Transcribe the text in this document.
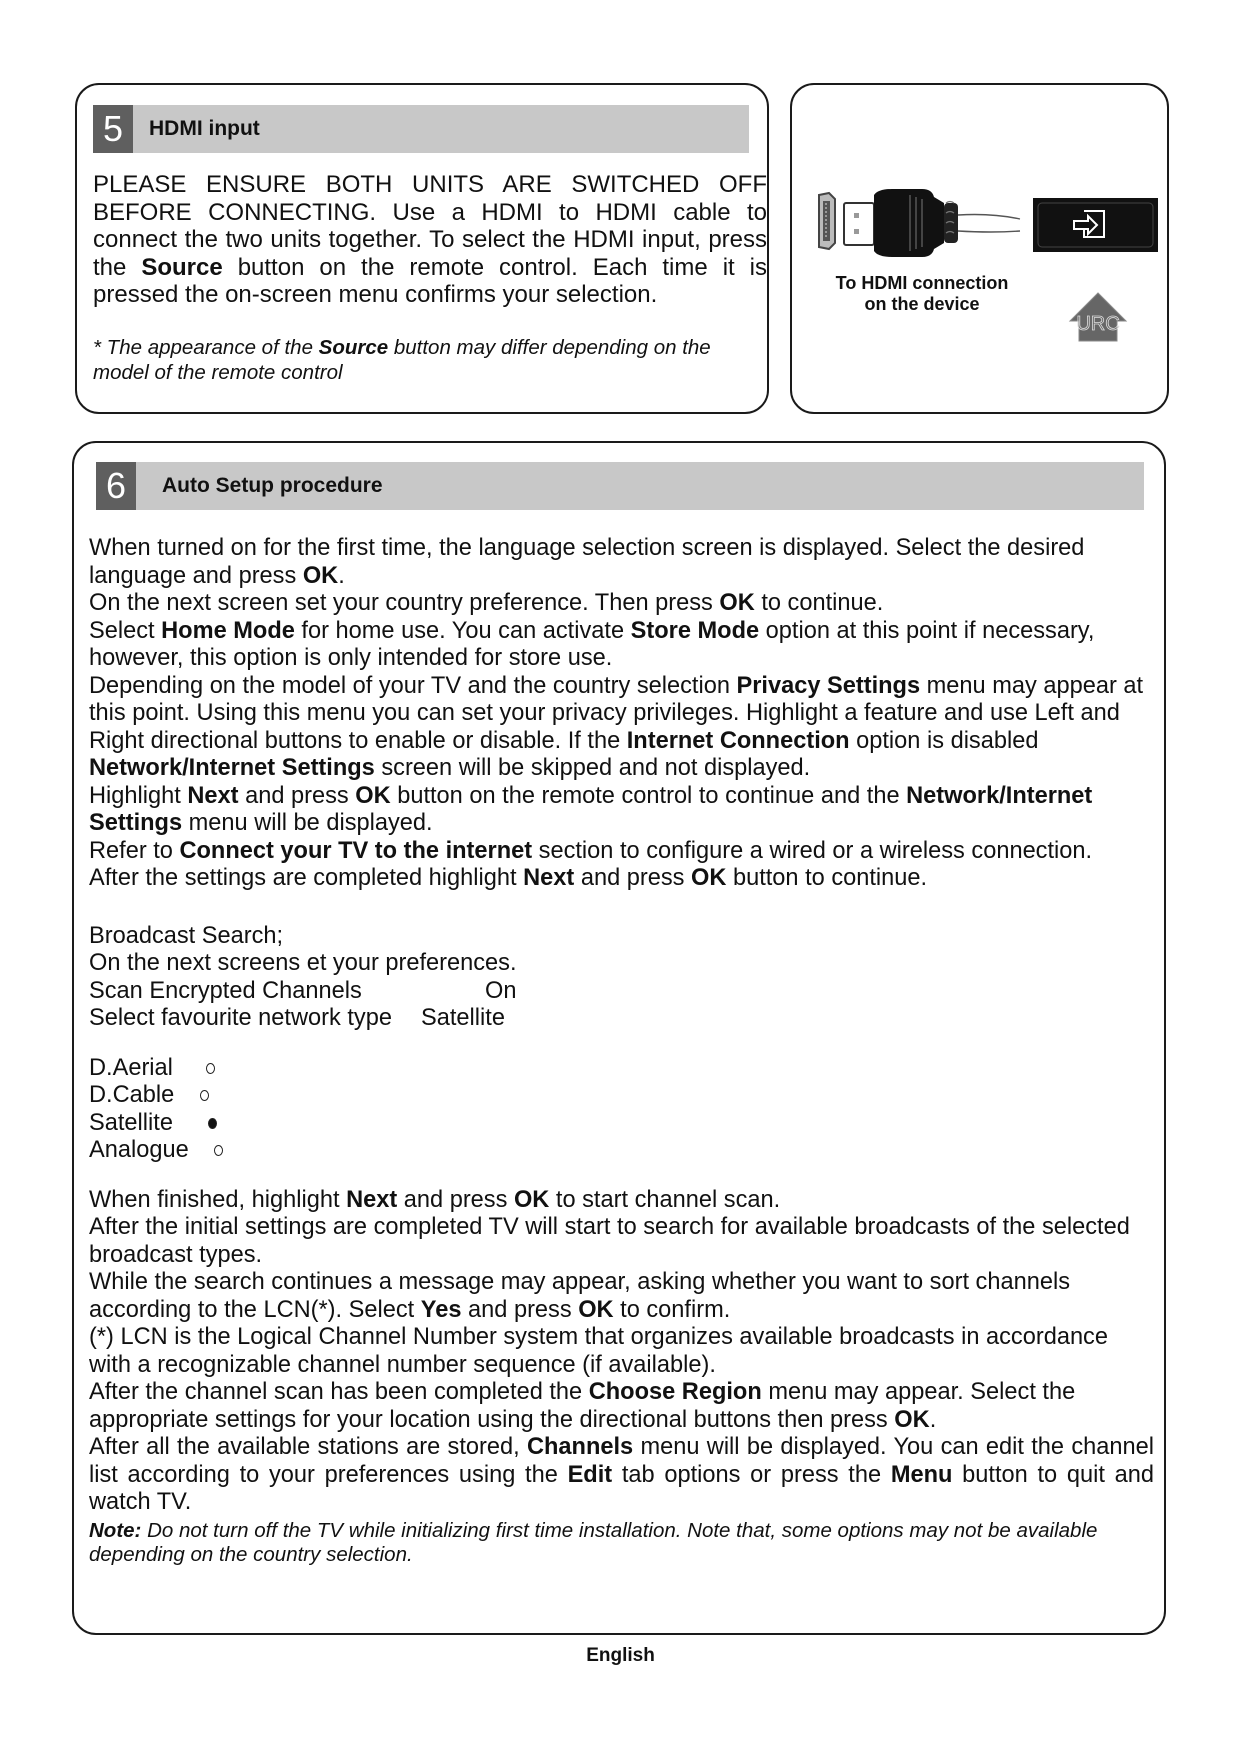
5	HDMI input

PLEASE ENSURE BOTH UNITS ARE SWITCHED OFF BEFORE CONNECTING. Use a HDMI to HDMI cable to connect the two units together. To select the HDMI input, press the Source button on the remote control. Each time it is pressed the on-screen menu confirms your selection.

* The appearance of the Source button may differ depending on the model of the remote control

URC
To HDMI connection
on the device
6	Auto Setup procedure

When turned on for the first time, the language selection screen is displayed. Select the desired language and press OK.

On the next screen set your country preference. Then press OK to continue.

Select Home Mode for home use. You can activate Store Mode option at this point if necessary, however, this option is only intended for store use.

Depending on the model of your TV and the country selection Privacy Settings menu may appear at this point. Using this menu you can set your privacy privileges. Highlight a feature and use Left and Right directional buttons to enable or disable. If the Internet Connection option is disabled Network/Internet Settings screen will be skipped and not displayed.

Highlight Next and press OK button on the remote control to continue and the Network/Internet Settings menu will be displayed.

Refer to Connect your TV to the internet section to configure a wired or a wireless connection.

After the settings are completed highlight Next and press OK button to continue.

Broadcast Search;

On the next screens et your preferences.

Scan Encrypted Channels	On
Select favourite network type	Satellite
D.Aerial
D.Cable
Satellite
Analogue

When finished, highlight Next and press OK to start channel scan.

After the initial settings are completed TV will start to search for available broadcasts of the selected

broadcast types.

While the search continues a message may appear, asking whether you want to sort channels according to the LCN(*). Select Yes and press OK to confirm.

(*) LCN is the Logical Channel Number system that organizes available broadcasts in accordance with a recognizable channel number sequence (if available).

After the channel scan has been completed the Choose Region menu may appear. Select the appropriate settings for your location using the directional buttons then press OK.

After all the available stations are stored, Channels menu will be displayed. You can edit the channel list according to your preferences using the Edit tab options or press the Menu button to quit and watch TV.

Note: Do not turn off the TV while initializing first time installation. Note that, some options may not be available depending on the country selection.

English
